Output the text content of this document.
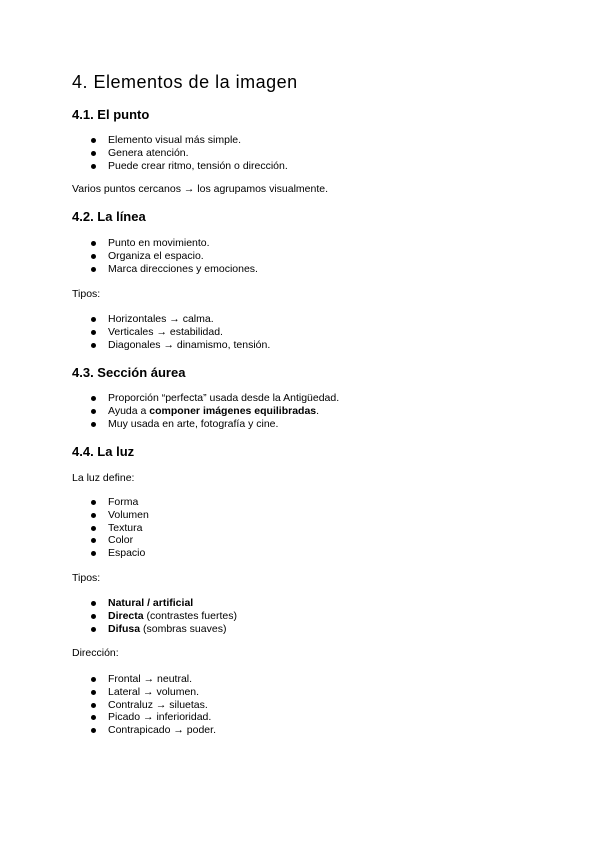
4. Elementos de la imagen
4.1. El punto
Elemento visual más simple.
Genera atención.
Puede crear ritmo, tensión o dirección.

Varios puntos cercanos → los agrupamos visualmente.

4.2. La línea
Punto en movimiento.
Organiza el espacio.
Marca direcciones y emociones.

Tipos:

Horizontales → calma.
Verticales → estabilidad.
Diagonales → dinamismo, tensión.
4.3. Sección áurea
Proporción “perfecta” usada desde la Antigüedad.
Ayuda a componer imágenes equilibradas.
Muy usada en arte, fotografía y cine.
4.4. La luz

La luz define:

Forma
Volumen
Textura
Color
Espacio

Tipos:

Natural / artificial
Directa (contrastes fuertes)
Difusa (sombras suaves)

Dirección:

Frontal → neutral.
Lateral → volumen.
Contraluz → siluetas.
Picado → inferioridad.
Contrapicado → poder.
